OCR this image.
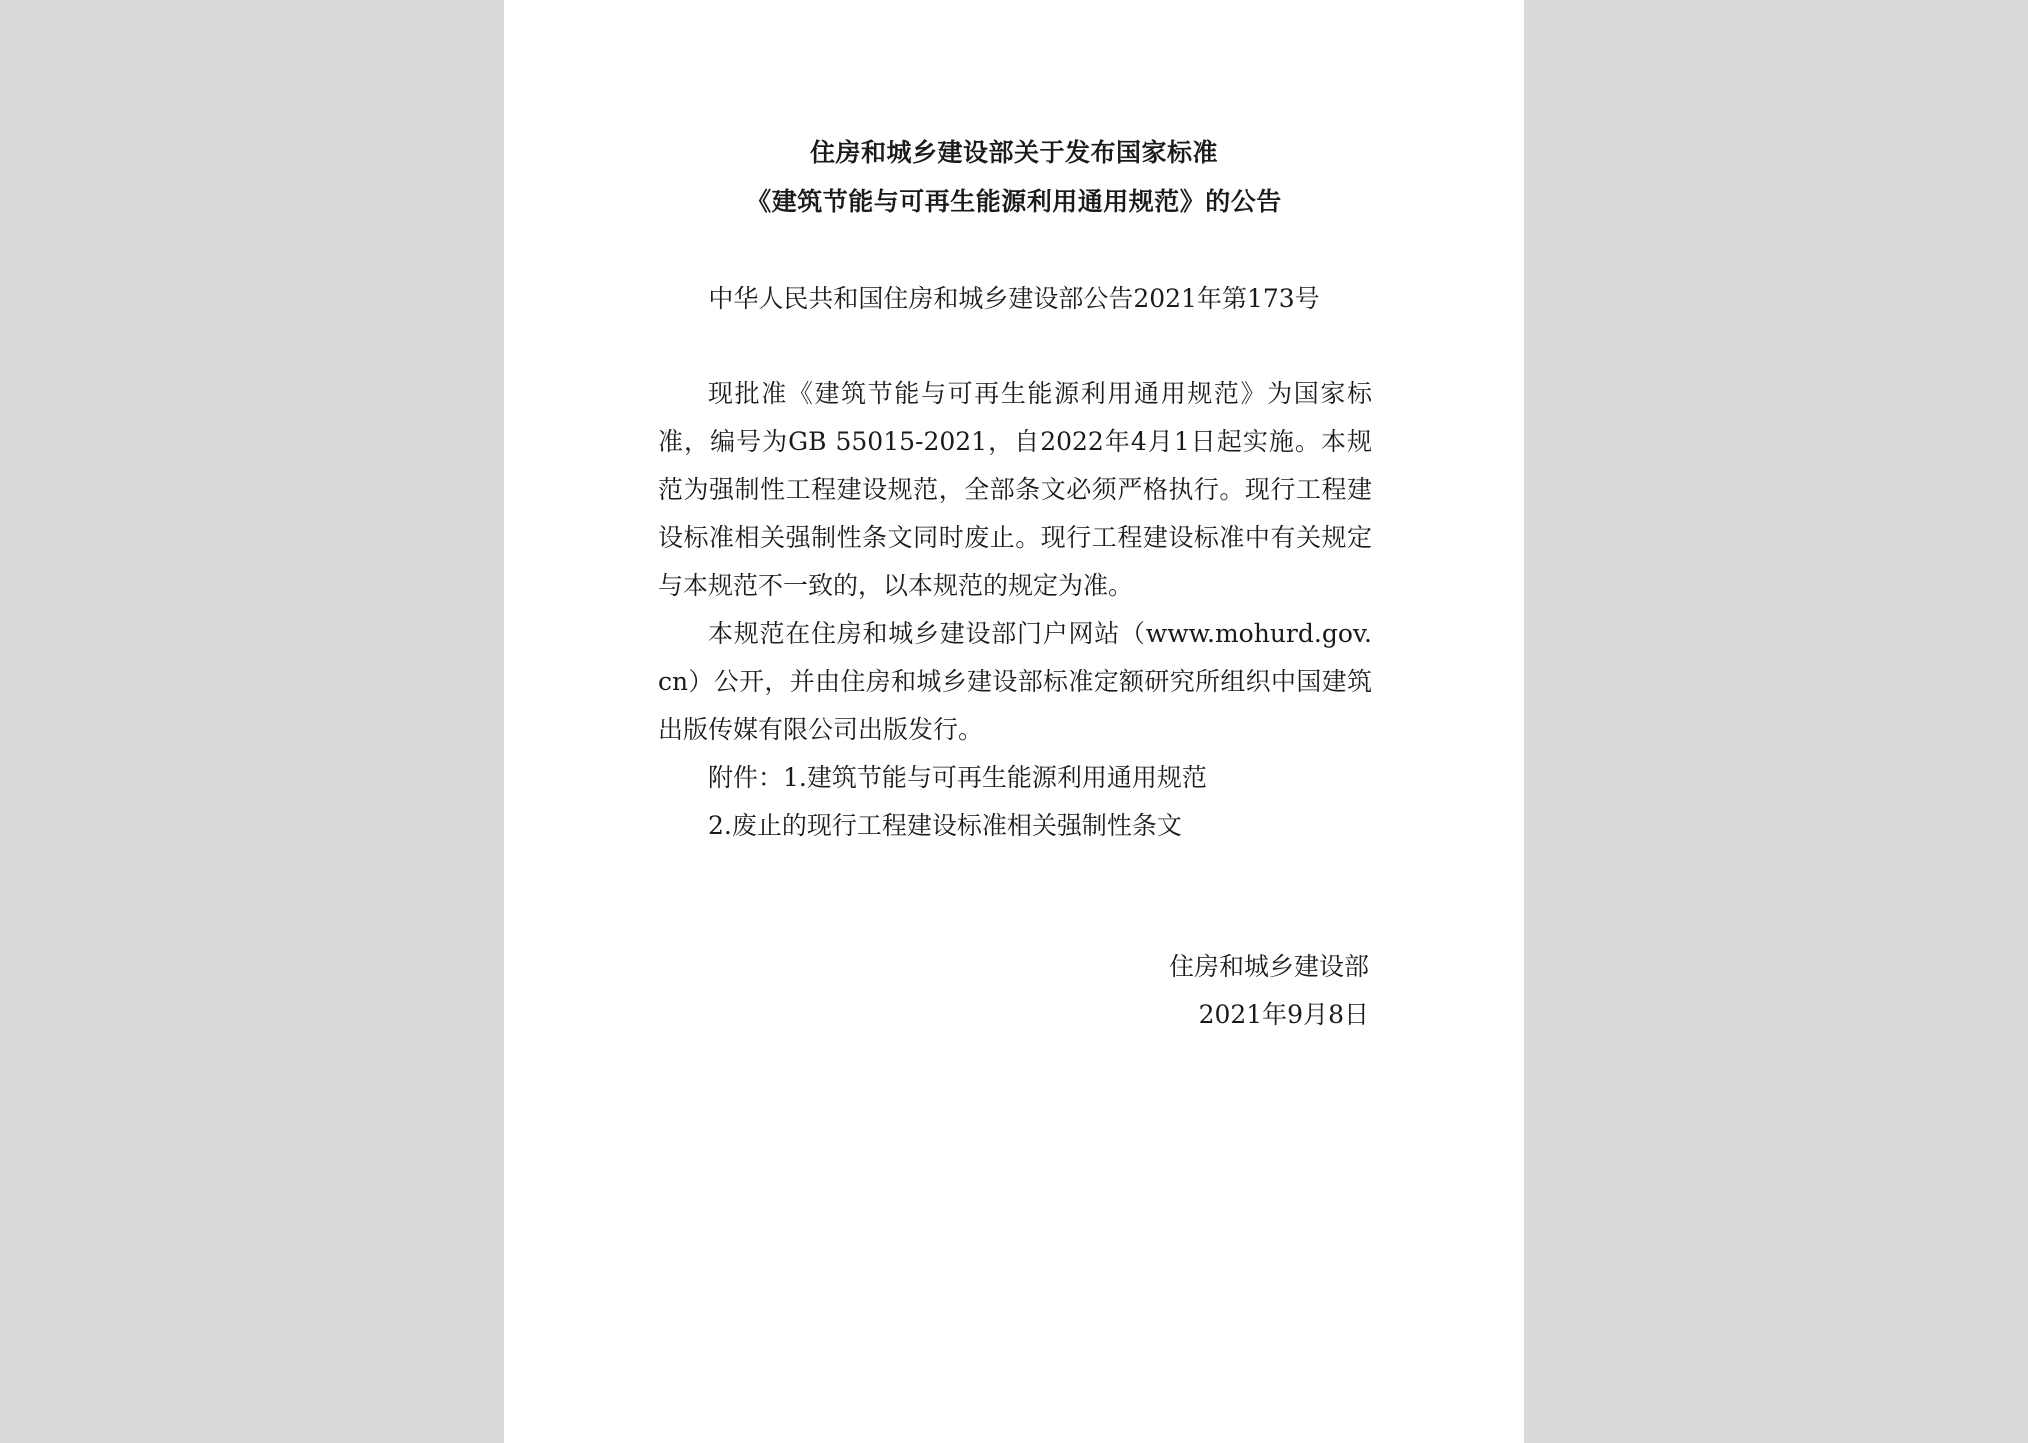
住房和城乡建设部关于发布国家标准
《建筑节能与可再生能源利用通用规范》的公告

中华人民共和国住房和城乡建设部公告2021年第173号

现批准《建筑节能与可再生能源利用通用规范》为国家标准，编号为GB 55015-2021，自2022年4月1日起实施。本规范为强制性工程建设规范，全部条文必须严格执行。现行工程建设标准相关强制性条文同时废止。现行工程建设标准中有关规定与本规范不一致的，以本规范的规定为准。

本规范在住房和城乡建设部门户网站（www.mohurd.gov.cn）公开，并由住房和城乡建设部标准定额研究所组织中国建筑出版传媒有限公司出版发行。

附件：1.建筑节能与可再生能源利用通用规范

2.废止的现行工程建设标准相关强制性条文

住房和城乡建设部

2021年9月8日
